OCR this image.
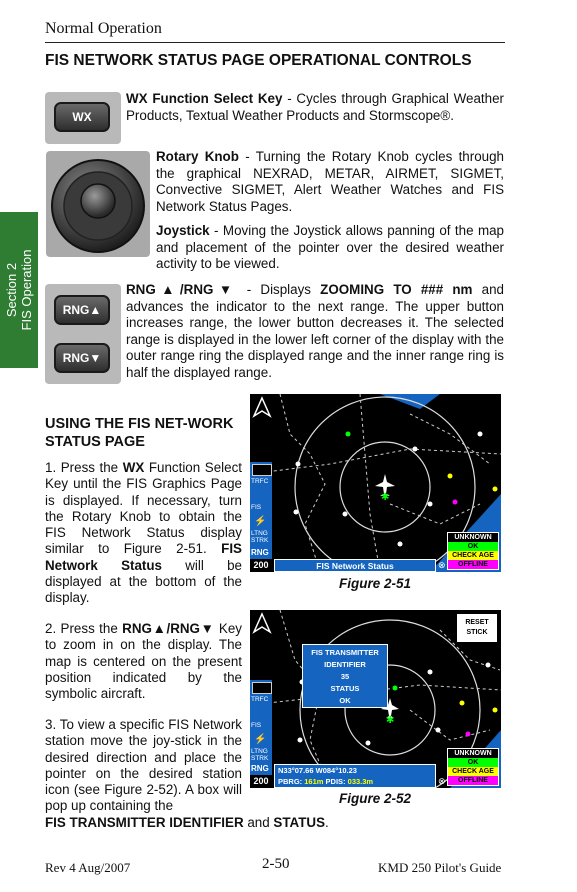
Normal Operation
FIS NETWORK STATUS PAGE OPERATIONAL CONTROLS
Section 2 FIS Operation
WX
WX Function Select Key - Cycles through Graphical Weather Products, Textual Weather Products and Stormscope®.
Rotary Knob - Turning the Rotary Knob cycles through the graphical NEXRAD, METAR, AIRMET, SIGMET, Convective SIGMET, Alert Weather Watches and FIS Network Status Pages.
Joystick - Moving the Joystick allows panning of the map and placement of the pointer over the desired weather activity to be viewed.
RNG▲
RNG▼
RNG▲/RNG▼ - Displays ZOOMING TO ### nm and advances the indicator to the next range. The upper button increases range, the lower button decreases it. The selected range is displayed in the lower left corner of the display with the outer range ring the displayed range and the inner range ring is half the displayed range.
USING THE FIS NET-WORK STATUS PAGE
1. Press the WX Function Select Key until the FIS Graphics Page is displayed. If necessary, turn the Rotary Knob to obtain the FIS Network Status display similar to Figure 2-51. FIS Network Status will be displayed at the bottom of the display.
2. Press the RNG▲/RNG▼ Key to zoom in on the display. The map is centered on the present position indicated by the symbolic aircraft.
3. To view a specific FIS Network station move the joy-stick in the desired direction and place the pointer on the desired station icon (see Figure 2-52). A box will pop up containing the
✱
TRFC
FIS
⚡
LTNG
STRK
RNG
200	FIS Network Status	⊗
UNKNOWN
OK
CHECK AGE
OFFLINE
Figure 2-51
✱
RESET
STICK
FIS TRANSMITTER
IDENTIFIER
35
STATUS
OK
TRFC
FIS
⚡
LTNG
STRK
RNG
200
N33°07.66 W084°10.23
PBRG: 161m PDIS: 033.3m	⊗
UNKNOWN
OK
CHECK AGE
OFFLINE
Figure 2-52
FIS TRANSMITTER IDENTIFIER and STATUS.
Rev 4 Aug/2007	2-50	KMD 250 Pilot's Guide
